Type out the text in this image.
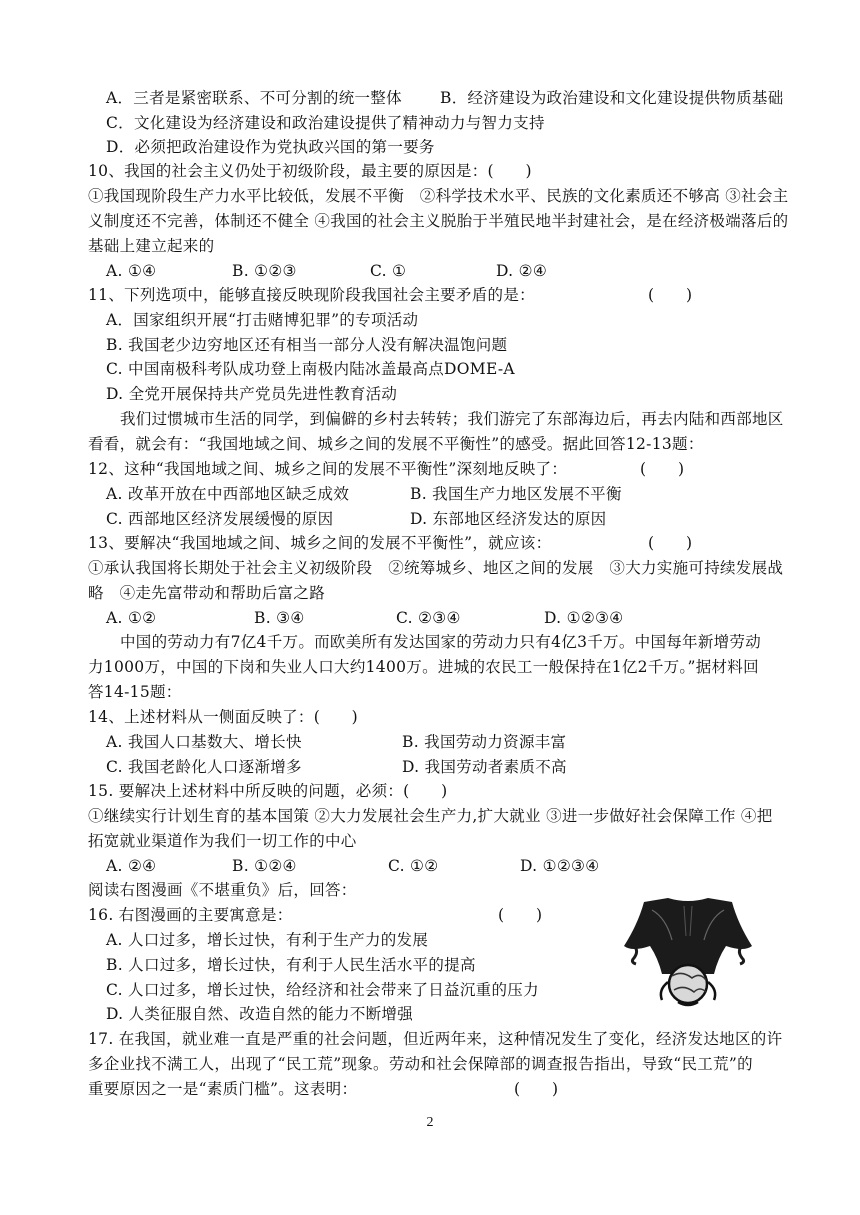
A．三者是紧密联系、不可分割的统一整体 B．经济建设为政治建设和文化建设提供物质基础
C．文化建设为经济建设和政治建设提供了精神动力与智力支持
D．必须把政治建设作为党执政兴国的第一要务
10、我国的社会主义仍处于初级阶段，最主要的原因是：(　　)
①我国现阶段生产力水平比较低，发展不平衡　②科学技术水平、民族的文化素质还不够高 ③社会主
义制度还不完善，体制还不健全 ④我国的社会主义脱胎于半殖民地半封建社会，是在经济极端落后的
基础上建立起来的
A. ①④	B. ①②③	C. ①	D. ②④
11、下列选项中，能够直接反映现阶段我国社会主要矛盾的是：	(　　)
A．国家组织开展“打击赌博犯罪”的专项活动
B. 我国老少边穷地区还有相当一部分人没有解决温饱问题
C. 中国南极科考队成功登上南极内陆冰盖最高点DOME-A
D. 全党开展保持共产党员先进性教育活动
我们过惯城市生活的同学，到偏僻的乡村去转转；我们游完了东部海边后，再去内陆和西部地区
看看，就会有：“我国地域之间、城乡之间的发展不平衡性”的感受。据此回答12-13题：
12、这种“我国地域之间、城乡之间的发展不平衡性”深刻地反映了：	(　　)
A. 改革开放在中西部地区缺乏成效	B. 我国生产力地区发展不平衡
C. 西部地区经济发展缓慢的原因	D. 东部地区经济发达的原因
13、要解决“我国地域之间、城乡之间的发展不平衡性”，就应该：	(　　)
①承认我国将长期处于社会主义初级阶段　②统筹城乡、地区之间的发展　③大力实施可持续发展战
略　④走先富带动和帮助后富之路
A. ①②	B. ③④	C. ②③④	D. ①②③④
中国的劳动力有7亿4千万。而欧美所有发达国家的劳动力只有4亿3千万。中国每年新增劳动
力1000万，中国的下岗和失业人口大约1400万。进城的农民工一般保持在1亿2千万。”据材料回
答14-15题：
14、上述材料从一侧面反映了：(　　)
A. 我国人口基数大、增长快	B. 我国劳动力资源丰富
C. 我国老龄化人口逐渐增多	D. 我国劳动者素质不高
15. 要解决上述材料中所反映的问题，必须：(　　)
①继续实行计划生育的基本国策 ②大力发展社会生产力,扩大就业 ③进一步做好社会保障工作 ④把
拓宽就业渠道作为我们一切工作的中心
A. ②④	B. ①②④	C. ①②	D. ①②③④
阅读右图漫画《不堪重负》后，回答：
16. 右图漫画的主要寓意是：	(　　)
A. 人口过多，增长过快，有利于生产力的发展
B. 人口过多，增长过快，有利于人民生活水平的提高
C. 人口过多，增长过快，给经济和社会带来了日益沉重的压力
D. 人类征服自然、改造自然的能力不断增强
17. 在我国，就业难一直是严重的社会问题，但近两年来，这种情况发生了变化，经济发达地区的许
多企业找不满工人，出现了“民工荒”现象。劳动和社会保障部的调查报告指出，导致“民工荒”的
重要原因之一是“素质门槛”。这表明：	(　　)
2
